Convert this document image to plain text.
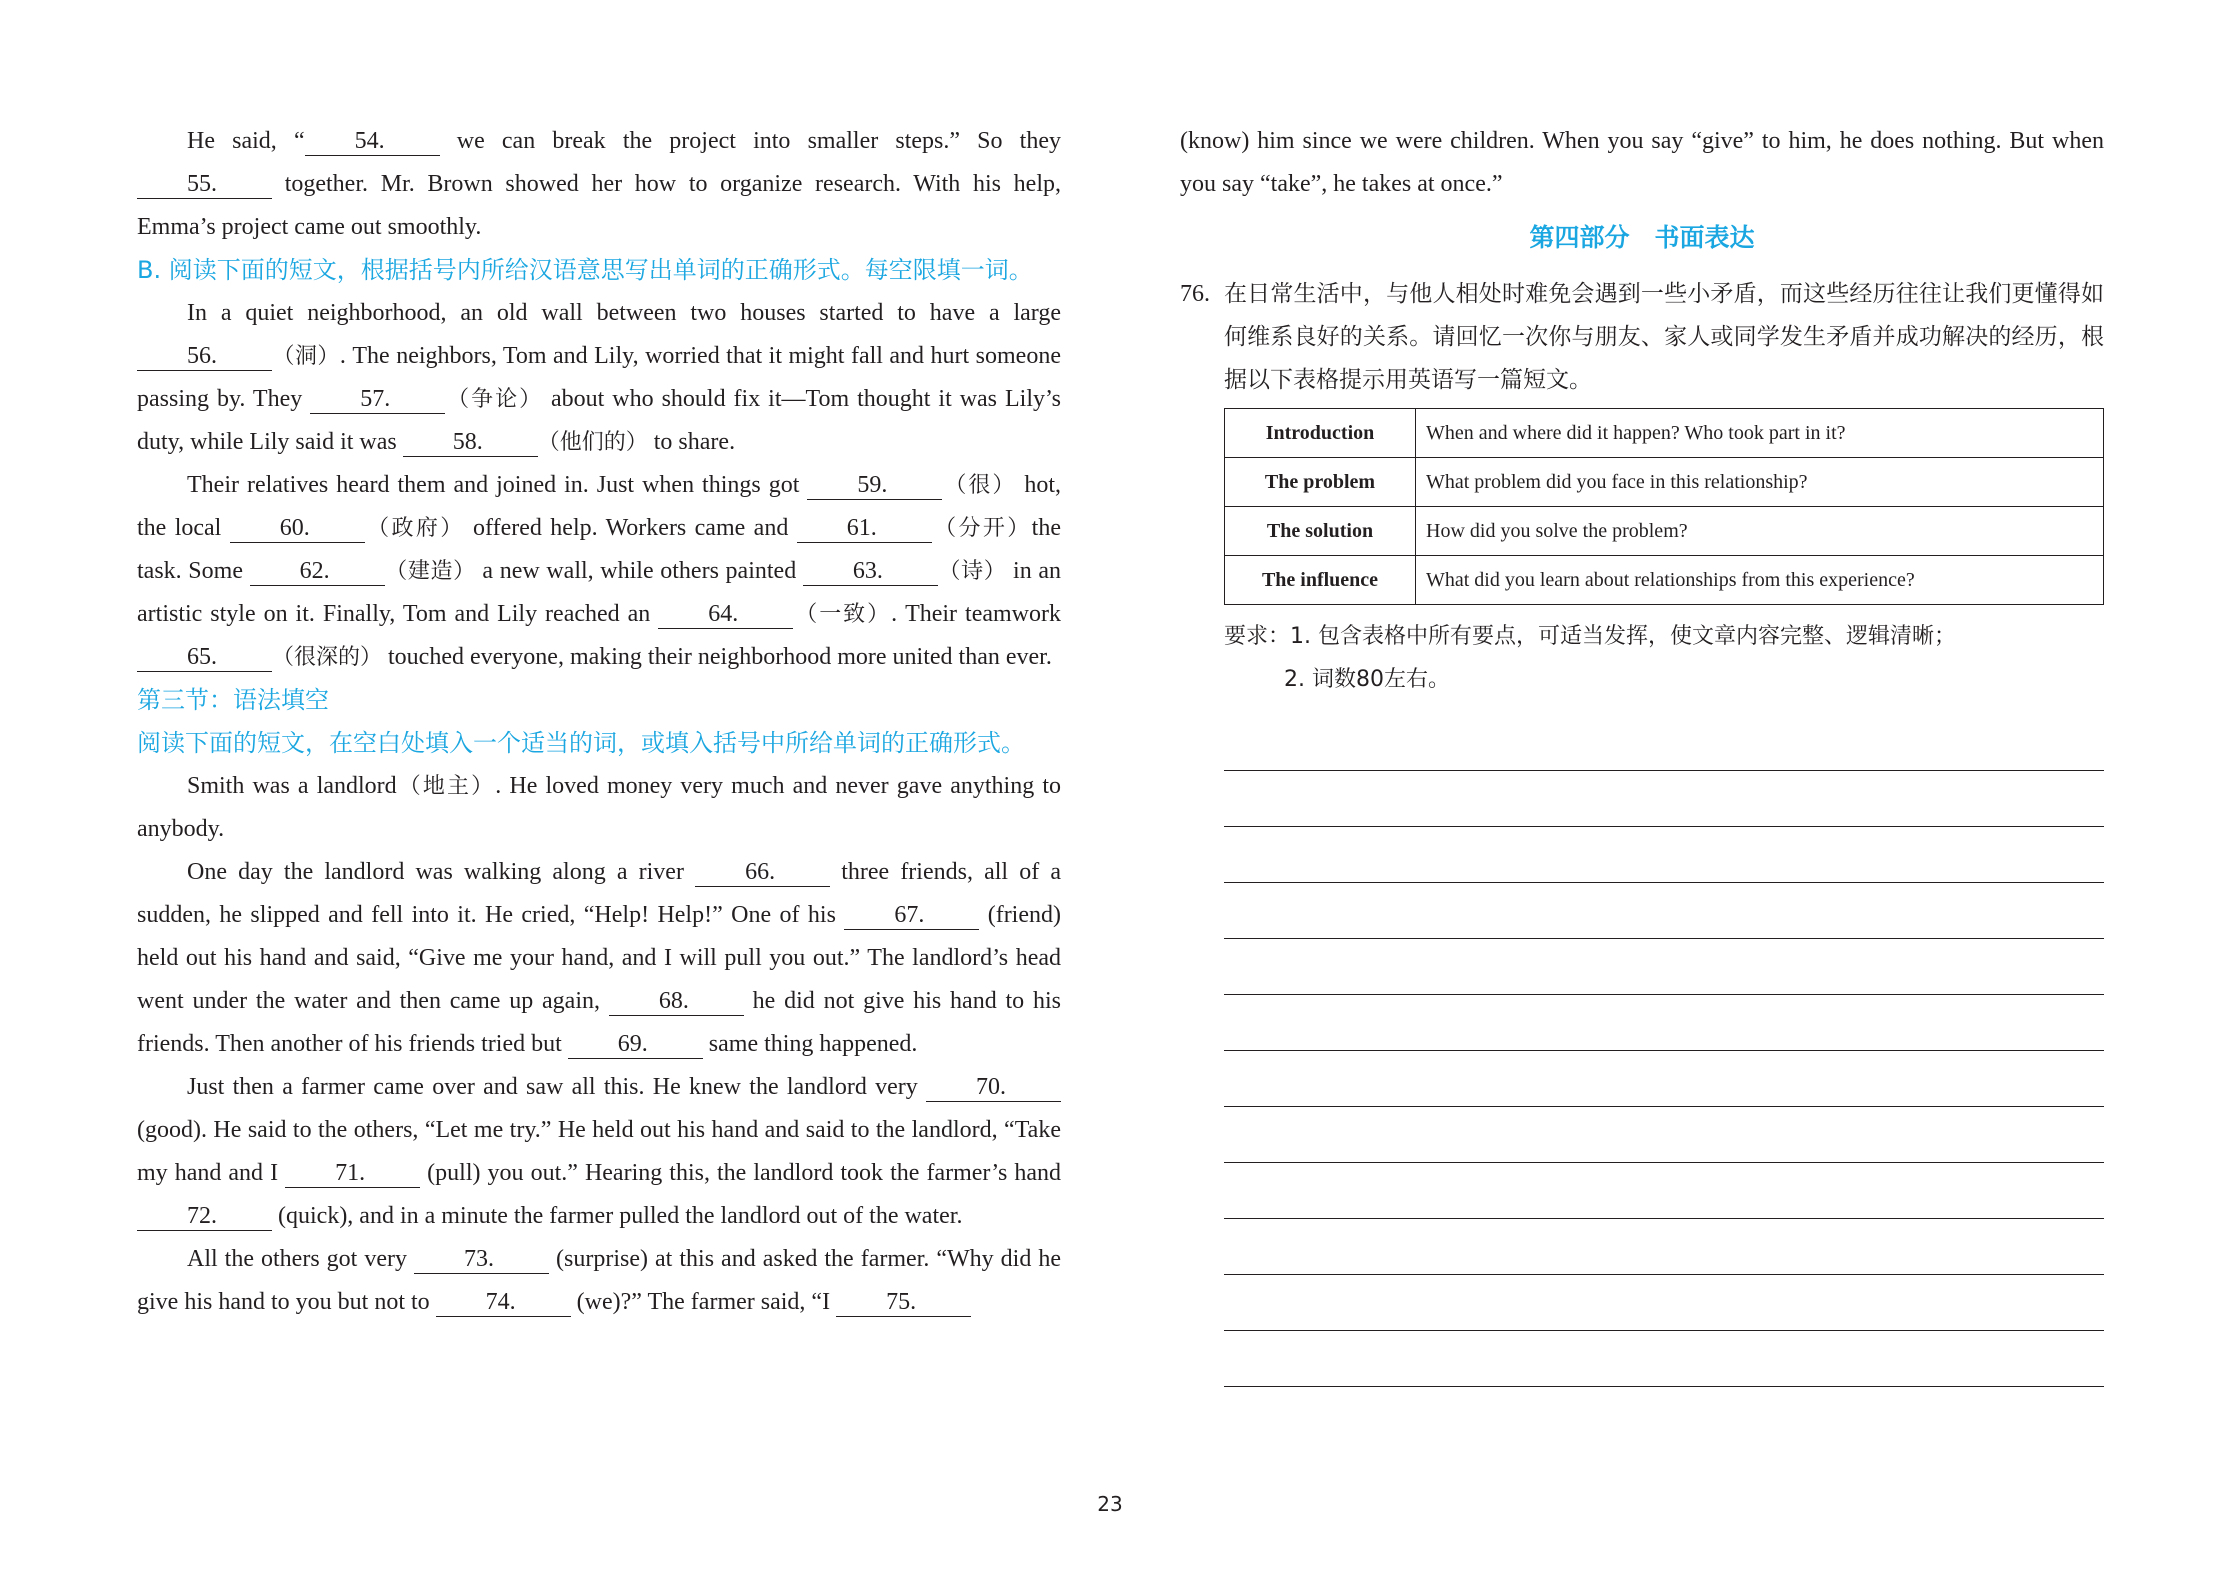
He said, “ 54. we can break the project into smaller steps.” So they 55. together. Mr. Brown showed her how to organize research. With his help, Emma’s project came out smoothly.

B. 阅读下面的短文，根据括号内所给汉语意思写出单词的正确形式。每空限填一词。

In a quiet neighborhood, an old wall between two houses started to have a large 56.	（洞）. The neighbors, Tom and Lily, worried that it might fall and hurt someone passing by. They 57.	（争论） about who should fix it—Tom thought it was Lily’s duty, while Lily said it was 58.	（他们的） to share.

Their relatives heard them and joined in. Just when things got 59.	（很） hot, the local 60.	（政府） offered help. Workers came and 61.	（分开）the task. Some 62.	（建造） a new wall, while others painted 63.	（诗） in an artistic style on it. Finally, Tom and Lily reached an 64.	（一致）. Their teamwork 65.	（很深的） touched everyone, making their neighborhood more united than ever.

第三节：语法填空

阅读下面的短文，在空白处填入一个适当的词，或填入括号中所给单词的正确形式。

Smith was a landlord（地主）. He loved money very much and never gave anything to anybody.

One day the landlord was walking along a river 66. three friends, all of a sudden, he slipped and fell into it. He cried, “Help! Help!” One of his 67. (friend) held out his hand and said, “Give me your hand, and I will pull you out.” The landlord’s head went under the water and then came up again, 68. he did not give his hand to his friends. Then another of his friends tried but 69. same thing happened.

Just then a farmer came over and saw all this. He knew the landlord very 70. (good). He said to the others, “Let me try.” He held out his hand and said to the landlord, “Take my hand and I 71. (pull) you out.” Hearing this, the landlord took the farmer’s hand 72. (quick), and in a minute the farmer pulled the landlord out of the water.

All the others got very 73. (surprise) at this and asked the farmer. “Why did he give his hand to you but not to 74. (we)?” The farmer said, “I 75.

(know) him since we were children. When you say “give” to him, he does nothing. But when you say “take”, he takes at once.”

第四部分　书面表达
76. 在日常生活中，与他人相处时难免会遇到一些小矛盾，而这些经历往往让我们更懂得如何维系良好的关系。请回忆一次你与朋友、家人或同学发生矛盾并成功解决的经历，根据以下表格提示用英语写一篇短文。
Introduction	When and where did it happen? Who took part in it?
The problem	What problem did you face in this relationship?
The solution	How did you solve the problem?
The influence	What did you learn about relationships from this experience?
要求：1. 包含表格中所有要点，可适当发挥，使文章内容完整、逻辑清晰；
2. 词数80左右。
23
